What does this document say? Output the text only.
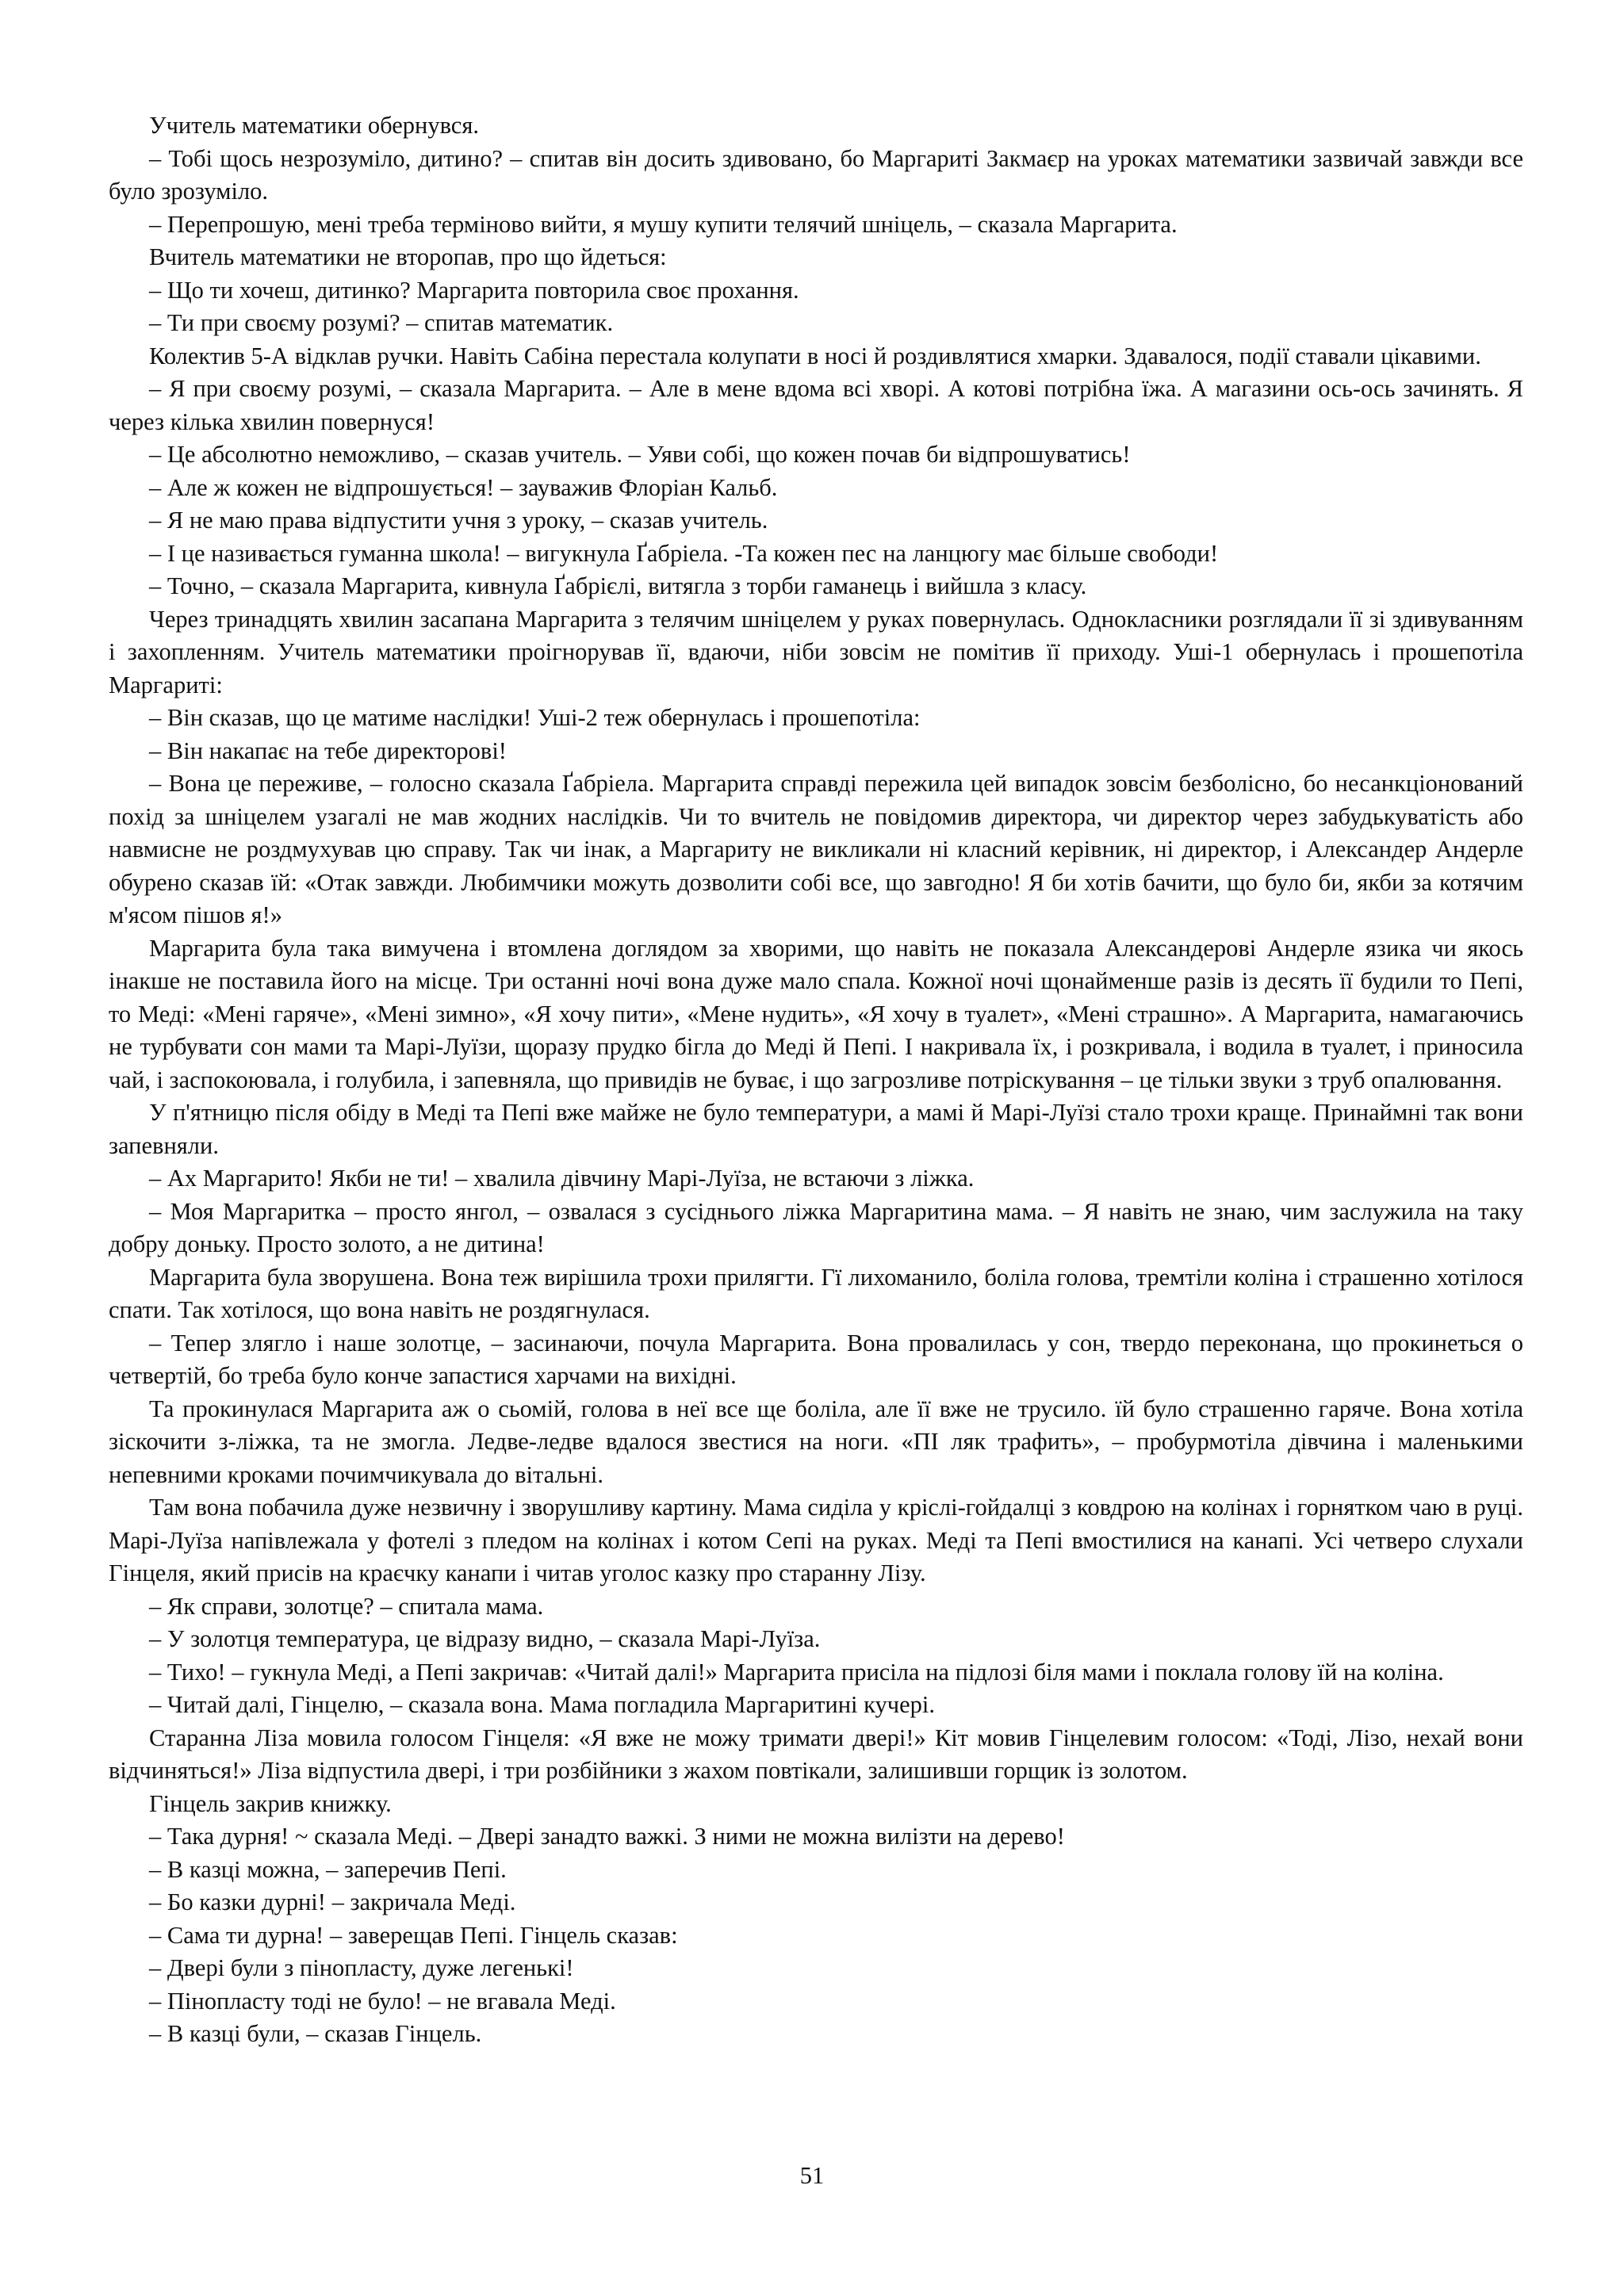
Учитель математики обернувся.

– Тобі щось незрозуміло, дитино? – спитав він досить здивовано, бо Маргариті Закмаєр на уроках математики зазвичай завжди все було зрозуміло.

– Перепрошую, мені треба терміново вийти, я мушу купити телячий шніцель, – сказала Маргарита.

Вчитель математики не второпав, про що йдеться:

– Що ти хочеш, дитинко? Маргарита повторила своє прохання.

– Ти при своєму розумі? – спитав математик.

Колектив 5-А відклав ручки. Навіть Сабіна перестала колупати в носі й роздивлятися хмарки. Здавалося, події ставали цікавими.

– Я при своєму розумі, – сказала Маргарита. – Але в мене вдома всі хворі. А котові потрібна їжа. А магазини ось-ось зачинять. Я через кілька хвилин повернуся!

– Це абсолютно неможливо, – сказав учитель. – Уяви собі, що кожен почав би відпрошуватись!

– Але ж кожен не відпрошується! – зауважив Флоріан Кальб.

– Я не маю права відпустити учня з уроку, – сказав учитель.

– І це називається гуманна школа! – вигукнула Ґабріела. -Та кожен пес на ланцюгу має більше свободи!

– Точно, – сказала Маргарита, кивнула Ґабрієлі, витягла з торби гаманець і вийшла з класу.

Через тринадцять хвилин засапана Маргарита з телячим шніцелем у руках повернулась. Однокласники розглядали її зі здивуванням і захопленням. Учитель математики проігнорував її, вдаючи, ніби зовсім не помітив її приходу. Уші-1 обернулась і прошепотіла Маргариті:

– Він сказав, що це матиме наслідки! Уші-2 теж обернулась і прошепотіла:

– Він накапає на тебе директорові!

– Вона це переживе, – голосно сказала Ґабріела. Маргарита справді пережила цей випадок зовсім безболісно, бо несанкціонований похід за шніцелем узагалі не мав жодних наслідків. Чи то вчитель не повідомив директора, чи директор через забудькуватість або навмисне не роздмухував цю справу. Так чи інак, а Маргариту не викликали ні класний керівник, ні директор, і Александер Андерле обурено сказав їй: «Отак завжди. Любимчики можуть дозволити собі все, що завгодно! Я би хотів бачити, що було би, якби за котячим м'ясом пішов я!»

Маргарита була така вимучена і втомлена доглядом за хворими, що навіть не показала Александерові Андерле язика чи якось інакше не поставила його на місце. Три останні ночі вона дуже мало спала. Кожної ночі щонайменше разів із десять її будили то Пепі, то Меді: «Мені гаряче», «Мені зимно», «Я хочу пити», «Мене нудить», «Я хочу в туалет», «Мені страшно». А Маргарита, намагаючись не турбувати сон мами та Марі-Луїзи, щоразу прудко бігла до Меді й Пепі. І накривала їх, і розкривала, і водила в туалет, і приносила чай, і заспокоювала, і голубила, і запевняла, що привидів не буває, і що загрозливе потріскування – це тільки звуки з труб опалювання.

У п'ятницю після обіду в Меді та Пепі вже майже не було температури, а мамі й Марі-Луїзі стало трохи краще. Принаймні так вони запевняли.

– Ах Маргарито! Якби не ти! – хвалила дівчину Марі-Луїза, не встаючи з ліжка.

– Моя Маргаритка – просто янгол, – озвалася з сусіднього ліжка Маргаритина мама. – Я навіть не знаю, чим заслужила на таку добру доньку. Просто золото, а не дитина!

Маргарита була зворушена. Вона теж вирішила трохи прилягти. Гї лихоманило, боліла голова, тремтіли коліна і страшенно хотілося спати. Так хотілося, що вона навіть не роздягнулася.

– Тепер злягло і наше золотце, – засинаючи, почула Маргарита. Вона провалилась у сон, твердо переконана, що прокинеться о четвертій, бо треба було конче запастися харчами на вихідні.

Та прокинулася Маргарита аж о сьомій, голова в неї все ще боліла, але її вже не трусило. їй було страшенно гаряче. Вона хотіла зіскочити з-ліжка, та не змогла. Ледве-ледве вдалося звестися на ноги. «ПІ ляк трафить», – пробурмотіла дівчина і маленькими непевними кроками почимчикувала до вітальні.

Там вона побачила дуже незвичну і зворушливу картину. Мама сиділа у кріслі-гойдалці з ковдрою на колінах і горнятком чаю в руці. Марі-Луїза напівлежала у фотелі з пледом на колінах і котом Сепі на руках. Меді та Пепі вмостилися на канапі. Усі четверо слухали Гінцеля, який присів на краєчку канапи і читав уголос казку про старанну Лізу.

– Як справи, золотце? – спитала мама.

– У золотця температура, це відразу видно, – сказала Марі-Луїза.

– Тихо! – гукнула Меді, а Пепі закричав: «Читай далі!» Маргарита присіла на підлозі біля мами і поклала голову їй на коліна.

– Читай далі, Гінцелю, – сказала вона. Мама погладила Маргаритині кучері.

Старанна Ліза мовила голосом Гінцеля: «Я вже не можу тримати двері!» Кіт мовив Гінцелевим голосом: «Тоді, Лізо, нехай вони відчиняться!» Ліза відпустила двері, і три розбійники з жахом повтікали, залишивши горщик із золотом.

Гінцель закрив книжку.

– Така дурня! ~ сказала Меді. – Двері занадто важкі. З ними не можна вилізти на дерево!

– В казці можна, – заперечив Пепі.

– Бо казки дурні! – закричала Меді.

– Сама ти дурна! – заверещав Пепі. Гінцель сказав:

– Двері були з пінопласту, дуже легенькі!

– Пінопласту тоді не було! – не вгавала Меді.

– В казці були, – сказав Гінцель.

51
